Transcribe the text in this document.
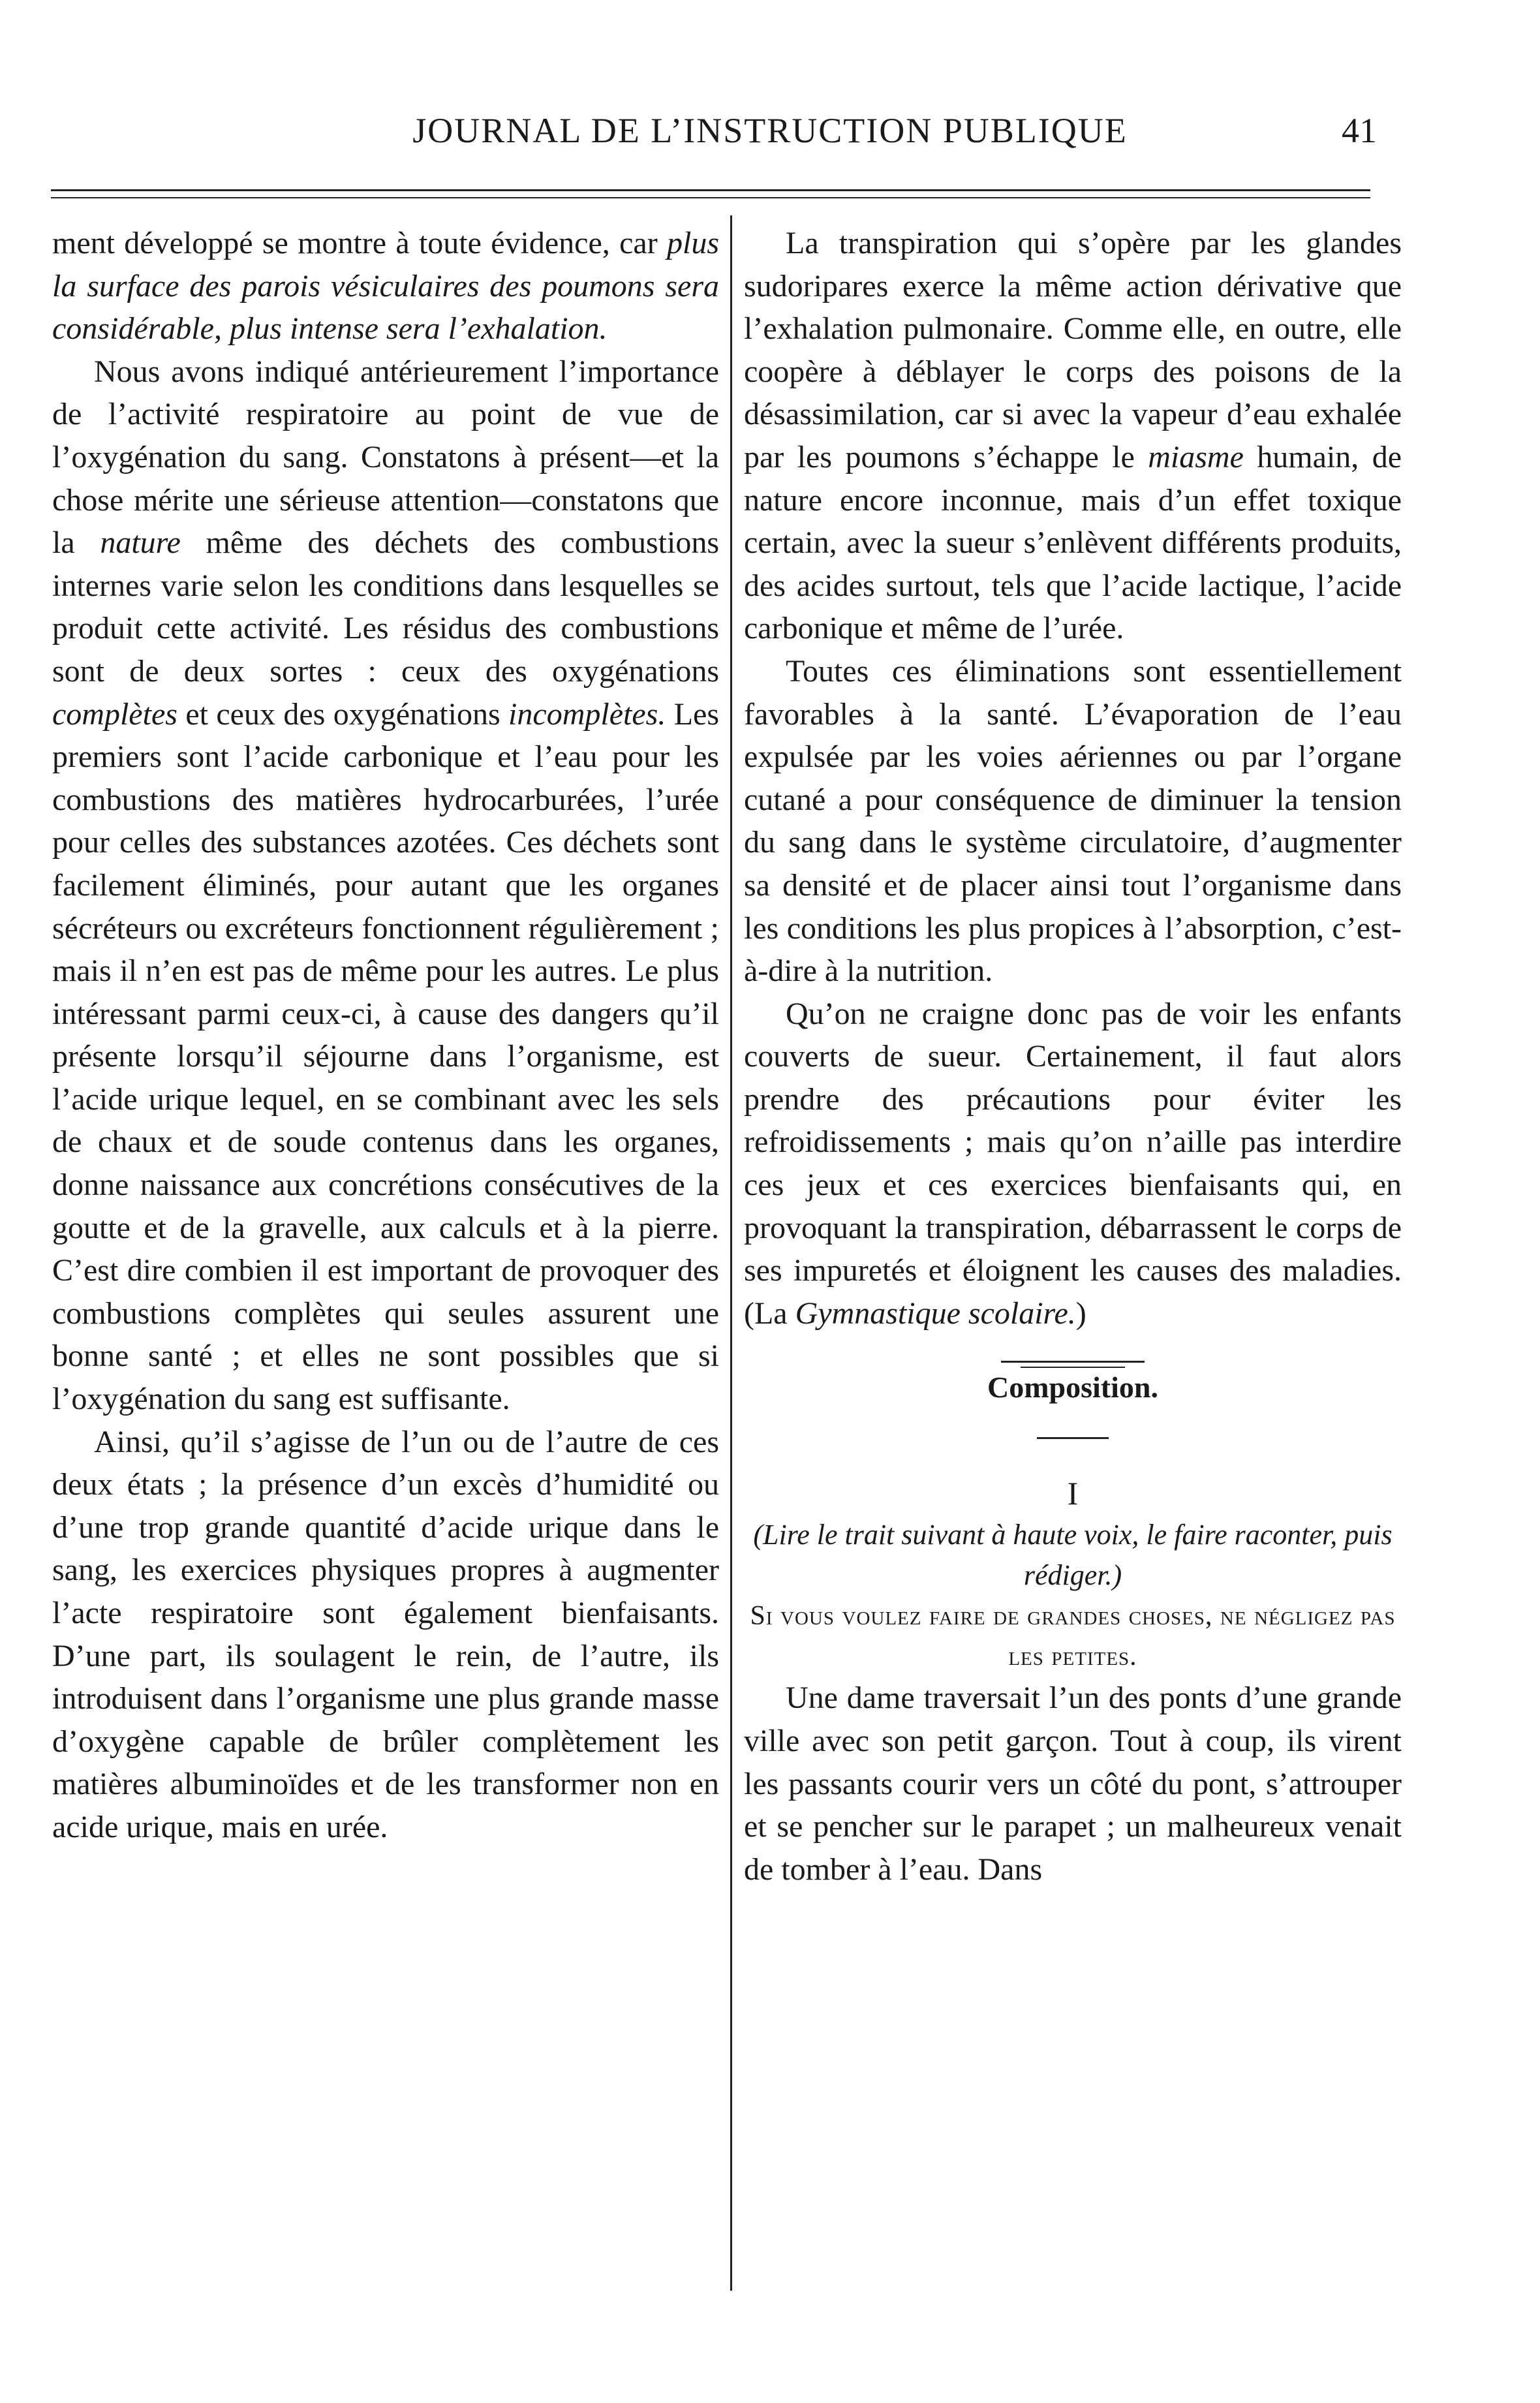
JOURNAL DE L’INSTRUCTION PUBLIQUE	41

ment développé se montre à toute évidence, car plus la surface des parois vésiculaires des poumons sera considérable, plus intense sera l’exhalation.

Nous avons indiqué antérieurement l’importance de l’activité respiratoire au point de vue de l’oxygénation du sang. Constatons à présent—et la chose mérite une sérieuse attention—constatons que la nature même des déchets des combustions internes varie selon les conditions dans lesquelles se produit cette activité. Les résidus des combustions sont de deux sortes : ceux des oxygénations complètes et ceux des oxygénations incomplètes. Les premiers sont l’acide carbonique et l’eau pour les combustions des matières hydrocarburées, l’urée pour celles des substances azotées. Ces déchets sont facilement éliminés, pour autant que les organes sécréteurs ou excréteurs fonctionnent régulièrement ; mais il n’en est pas de même pour les autres. Le plus intéressant parmi ceux-ci, à cause des dangers qu’il présente lorsqu’il séjourne dans l’organisme, est l’acide urique lequel, en se combinant avec les sels de chaux et de soude contenus dans les organes, donne naissance aux concrétions consécutives de la goutte et de la gravelle, aux calculs et à la pierre. C’est dire combien il est important de provoquer des combustions complètes qui seules assurent une bonne santé ; et elles ne sont possibles que si l’oxygénation du sang est suffisante.

Ainsi, qu’il s’agisse de l’un ou de l’autre de ces deux états ; la présence d’un excès d’humidité ou d’une trop grande quantité d’acide urique dans le sang, les exercices physiques propres à augmenter l’acte respiratoire sont également bienfaisants. D’une part, ils soulagent le rein, de l’autre, ils introduisent dans l’organisme une plus grande masse d’oxygène capable de brûler complètement les matières albuminoïdes et de les transformer non en acide urique, mais en urée.

La transpiration qui s’opère par les glandes sudoripares exerce la même action dérivative que l’exhalation pulmonaire. Comme elle, en outre, elle coopère à déblayer le corps des poisons de la désassimilation, car si avec la vapeur d’eau exhalée par les poumons s’échappe le miasme humain, de nature encore inconnue, mais d’un effet toxique certain, avec la sueur s’enlèvent différents produits, des acides surtout, tels que l’acide lactique, l’acide carbonique et même de l’urée.

Toutes ces éliminations sont essentiellement favorables à la santé. L’évaporation de l’eau expulsée par les voies aériennes ou par l’organe cutané a pour conséquence de diminuer la tension du sang dans le système circulatoire, d’augmenter sa densité et de placer ainsi tout l’organisme dans les conditions les plus propices à l’absorption, c’est-à-dire à la nutrition.

Qu’on ne craigne donc pas de voir les enfants couverts de sueur. Certainement, il faut alors prendre des précautions pour éviter les refroidissements ; mais qu’on n’aille pas interdire ces jeux et ces exercices bienfaisants qui, en provoquant la transpiration, débarrassent le corps de ses impuretés et éloignent les causes des maladies. (La Gymnastique scolaire.)

Composition.

I

(Lire le trait suivant à haute voix, le faire raconter, puis rédiger.)

Si vous voulez faire de grandes choses, ne négligez pas les petites.

Une dame traversait l’un des ponts d’une grande ville avec son petit garçon. Tout à coup, ils virent les passants courir vers un côté du pont, s’attrouper et se pencher sur le parapet ; un malheureux venait de tomber à l’eau. Dans
